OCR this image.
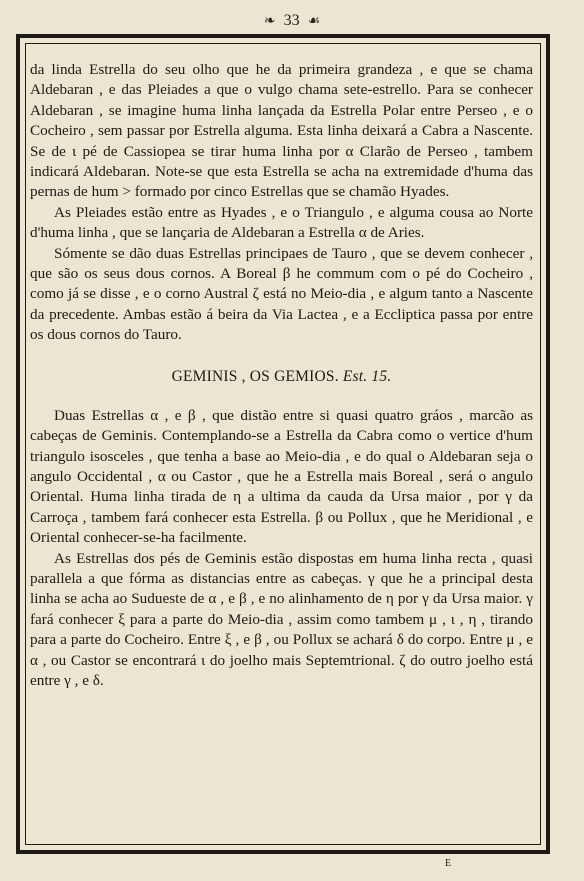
❧ 33 ☙

da linda Estrella do seu olho que he da primeira grandeza , e que se chama Aldebaran , e das Pleiades a que o vulgo chama sete-estrello. Para se conhecer Aldebaran , se imagine huma linha lançada da Estrella Polar entre Perseo , e o Cocheiro , sem passar por Estrella alguma. Esta linha deixará a Cabra a Nascente. Se de ι pé de Cassiopea se tirar huma linha por α Clarão de Perseo , tambem indicará Aldebaran. Note-se que esta Estrella se acha na extremidade d'huma das pernas de hum > formado por cinco Estrellas que se chamão Hyades.

As Pleiades estão entre as Hyades , e o Triangulo , e alguma cousa ao Norte d'huma linha , que se lançaria de Aldebaran a Estrella α de Aries.

Sómente se dão duas Estrellas principaes de Tauro , que se devem conhecer , que são os seus dous cornos. A Boreal β he commum com o pé do Cocheiro , como já se disse , e o corno Austral ζ está no Meio-dia , e algum tanto a Nascente da precedente. Ambas estão á beira da Via Lactea , e a Eccliptica passa por entre os dous cornos do Tauro.

GEMINIS , OS GEMIOS. Est. 15.

Duas Estrellas α , e β , que distão entre si quasi quatro gráos , marcão as cabeças de Geminis. Contemplando-se a Estrella da Cabra como o vertice d'hum triangulo isosceles , que tenha a base ao Meio-dia , e do qual o Aldebaran seja o angulo Occidental , α ou Castor , que he a Estrella mais Boreal , será o angulo Oriental. Huma linha tirada de η a ultima da cauda da Ursa maior , por γ da Carroça , tambem fará conhecer esta Estrella. β ou Pollux , que he Meridional , e Oriental conhecer-se-ha facilmente.

As Estrellas dos pés de Geminis estão dispostas em huma linha recta , quasi parallela a que fórma as distancias entre as cabeças. γ que he a principal desta linha se acha ao Sudueste de α , e β , e no alinhamento de η por γ da Ursa maior. γ fará conhecer ξ para a parte do Meio-dia , assim como tambem μ , ι , η , tirando para a parte do Cocheiro. Entre ξ , e β , ou Pollux se achará δ do corpo. Entre μ , e α , ou Castor se encontrará ι do joelho mais Septemtrional. ζ do outro joelho está entre γ , e δ.

E
